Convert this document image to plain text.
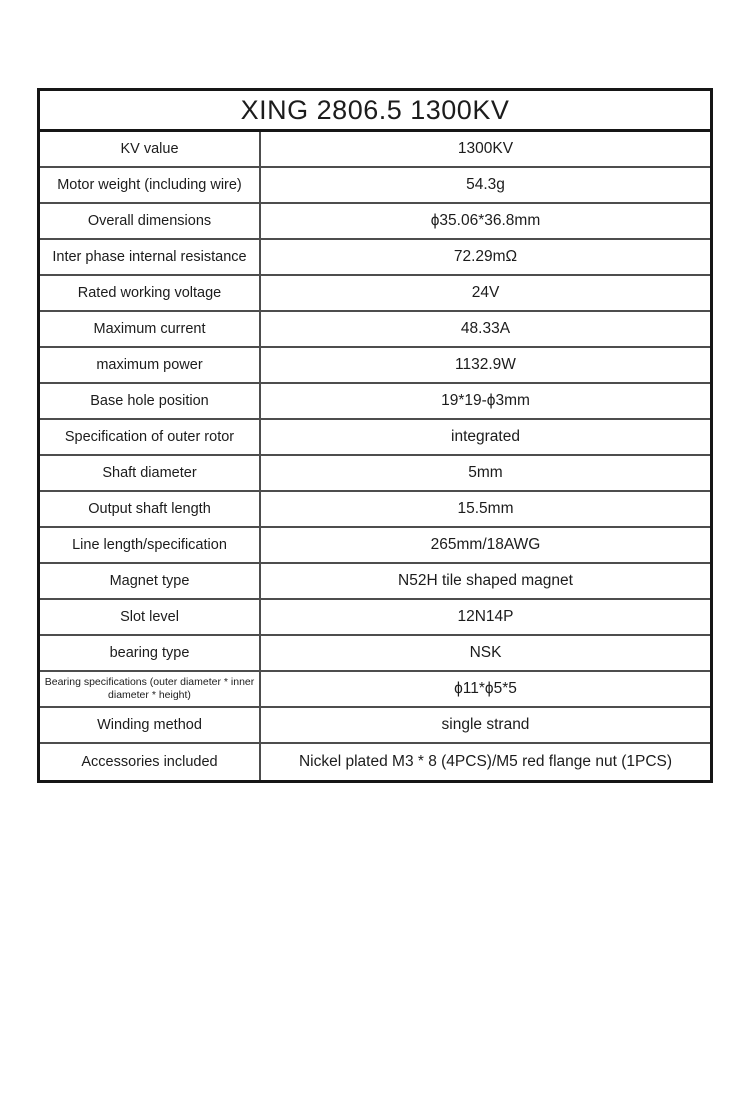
XING 2806.5 1300KV
KV value	1300KV
Motor weight (including wire)	54.3g
Overall dimensions	ϕ35.06*36.8mm
Inter phase internal resistance	72.29mΩ
Rated working voltage	24V
Maximum current	48.33A
maximum power	1132.9W
Base hole position	19*19-ϕ3mm
Specification of outer rotor	integrated
Shaft diameter	5mm
Output shaft length	15.5mm
Line length/specification	265mm/18AWG
Magnet type	N52H tile shaped magnet
Slot level	12N14P
bearing type	NSK
Bearing specifications (outer diameter * inner diameter * height)	ϕ11*ϕ5*5
Winding method	single strand
Accessories included	Nickel plated M3 * 8 (4PCS)/M5 red flange nut (1PCS)
